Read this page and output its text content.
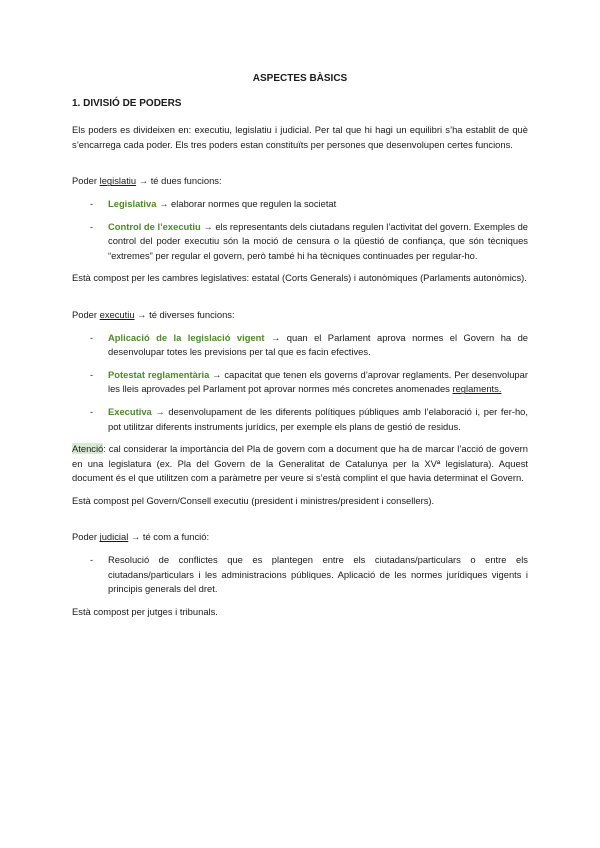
ASPECTES BÀSICS
1. DIVISIÓ DE PODERS

Els poders es divideixen en: executiu, legislatiu i judicial. Per tal que hi hagi un equilibri s’ha establit de què s’encarrega cada poder. Els tres poders estan constituïts per persones que desenvolupen certes funcions.

Poder legislatiu → té dues funcions:

- Legislativa → elaborar normes que regulen la societat
- Control de l’executiu → els representants dels ciutadans regulen l’activitat del govern. Exemples de control del poder executiu són la moció de censura o la qüestió de confiança, que són tècniques “extremes” per regular el govern, però també hi ha tècniques continuades per regular-ho.

Està compost per les cambres legislatives: estatal (Corts Generals) i autonòmiques (Parlaments autonòmics).

Poder executiu → té diverses funcions:

- Aplicació de la legislació vigent → quan el Parlament aprova normes el Govern ha de desenvolupar totes les previsions per tal que es facin efectives.
- Potestat reglamentària → capacitat que tenen els governs d’aprovar reglaments. Per desenvolupar les lleis aprovades pel Parlament pot aprovar normes més concretes anomenades reglaments.
- Executiva → desenvolupament de les diferents polítiques públiques amb l’elaboració i, per fer-ho, pot utilitzar diferents instruments jurídics, per exemple els plans de gestió de residus.

Atenció: cal considerar la importància del Pla de govern com a document que ha de marcar l’acció de govern en una legislatura (ex. Pla del Govern de la Generalitat de Catalunya per la XVª legislatura). Aquest document és el que utilitzen com a paràmetre per veure si s’està complint el que havia determinat el Govern.

Està compost pel Govern/Consell executiu (president i ministres/president i consellers).

Poder judicial → té com a funció:

- Resolució de conflictes que es plantegen entre els ciutadans/particulars o entre els ciutadans/particulars i les administracions públiques. Aplicació de les normes jurídiques vigents i principis generals del dret.

Està compost per jutges i tribunals.
